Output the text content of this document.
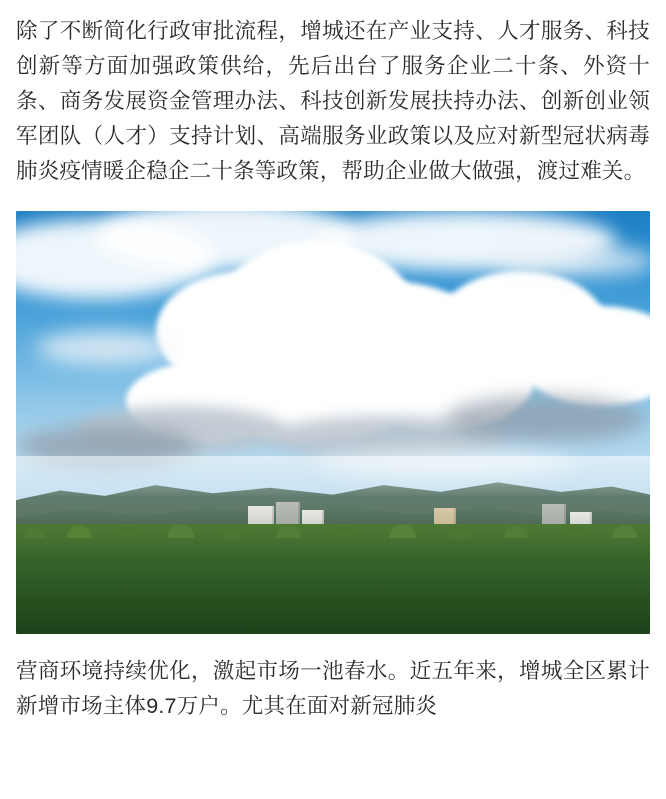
除了不断简化行政审批流程，增城还在产业支持、人才服务、科技创新等方面加强政策供给，先后出台了服务企业二十条、外资十条、商务发展资金管理办法、科技创新发展扶持办法、创新创业领军团队（人才）支持计划、高端服务业政策以及应对新型冠状病毒肺炎疫情暖企稳企二十条等政策，帮助企业做大做强，渡过难关。

营商环境持续优化，激起市场一池春水。近五年来，增城全区累计新增市场主体9.7万户。尤其在面对新冠肺炎
